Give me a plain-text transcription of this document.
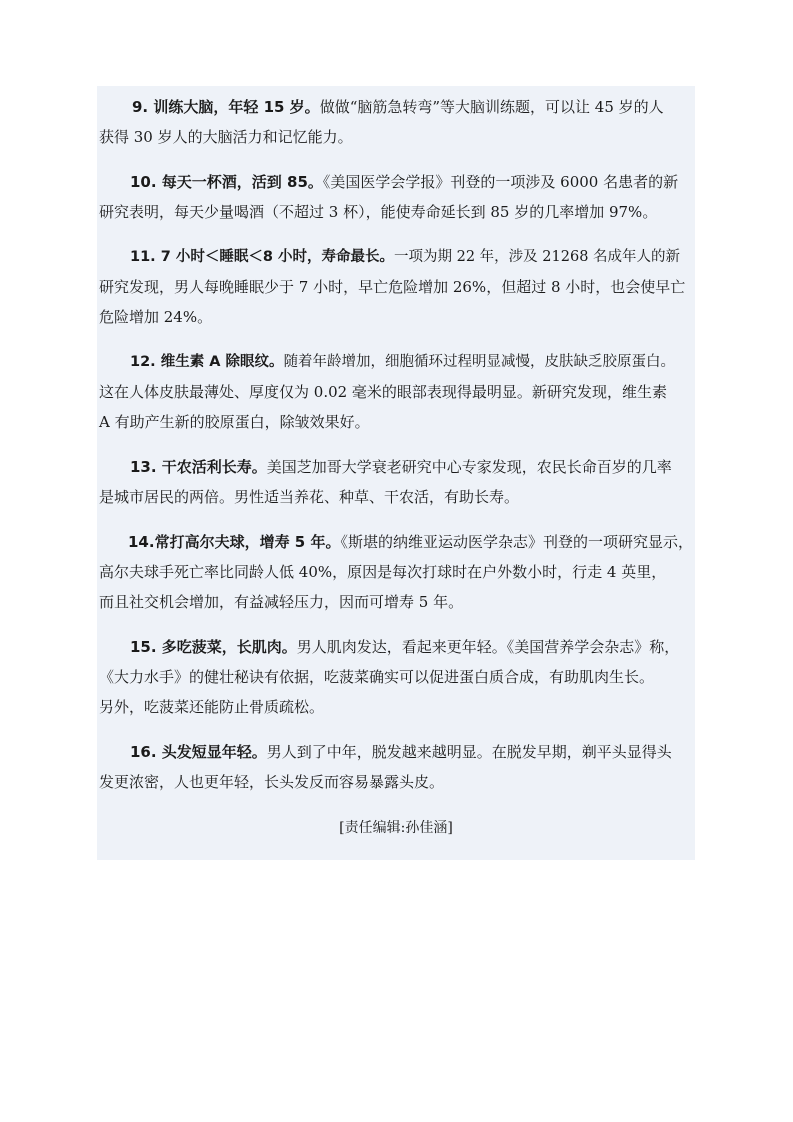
9. 训练大脑，年轻 15 岁。做做“脑筋急转弯”等大脑训练题，可以让 45 岁的人
获得 30 岁人的大脑活力和记忆能力。
10. 每天一杯酒，活到 85。《美国医学会学报》刊登的一项涉及 6000 名患者的新
研究表明，每天少量喝酒（不超过 3 杯），能使寿命延长到 85 岁的几率增加 97%。
11. 7 小时＜睡眠＜8 小时，寿命最长。一项为期 22 年，涉及 21268 名成年人的新
研究发现，男人每晚睡眠少于 7 小时，早亡危险增加 26%，但超过 8 小时，也会使早亡
危险增加 24%。
12. 维生素 A 除眼纹。随着年龄增加，细胞循环过程明显减慢，皮肤缺乏胶原蛋白。
这在人体皮肤最薄处、厚度仅为 0.02 毫米的眼部表现得最明显。新研究发现，维生素
A 有助产生新的胶原蛋白，除皱效果好。
13. 干农活利长寿。美国芝加哥大学衰老研究中心专家发现，农民长命百岁的几率
是城市居民的两倍。男性适当养花、种草、干农活，有助长寿。
14.常打高尔夫球，增寿 5 年。《斯堪的纳维亚运动医学杂志》刊登的一项研究显示，
高尔夫球手死亡率比同龄人低 40%，原因是每次打球时在户外数小时，行走 4 英里，
而且社交机会增加，有益减轻压力，因而可增寿 5 年。
15. 多吃菠菜，长肌肉。男人肌肉发达，看起来更年轻。《美国营养学会杂志》称，
《大力水手》的健壮秘诀有依据，吃菠菜确实可以促进蛋白质合成，有助肌肉生长。
另外，吃菠菜还能防止骨质疏松。
16. 头发短显年轻。男人到了中年，脱发越来越明显。在脱发早期，剃平头显得头
发更浓密，人也更年轻，长头发反而容易暴露头皮。
[责任编辑:孙佳涵]
